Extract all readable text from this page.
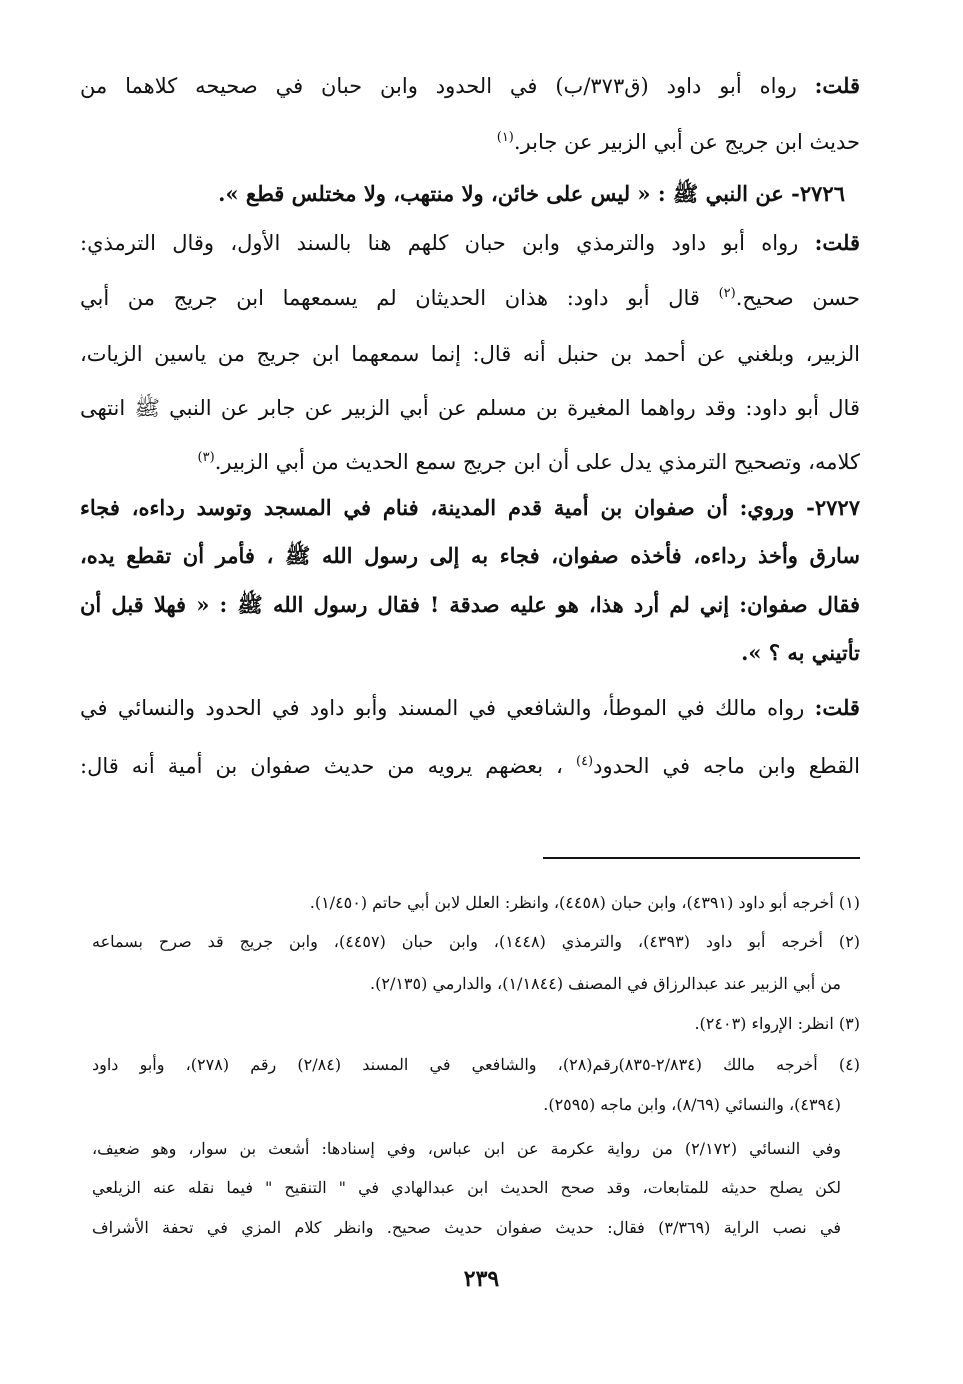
قلت: رواه أبو داود (ق٣٧٣/ب) في الحدود وابن حبان في صحيحه كلاهما من
حديث ابن جريج عن أبي الزبير عن جابر.$^{(١)}$
٢٧٢٦- عن النبي ﷺ : « ليس على خائن، ولا منتهب، ولا مختلس قطع ».
قلت: رواه أبو داود والترمذي وابن حبان كلهم هنا بالسند الأول، وقال الترمذي:
حسن صحيح.$^{(٢)}$ قال أبو داود: هذان الحديثان لم يسمعهما ابن جريج من أبي
الزبير، وبلغني عن أحمد بن حنبل أنه قال: إنما سمعهما ابن جريج من ياسين الزيات،
قال أبو داود: وقد رواهما المغيرة بن مسلم عن أبي الزبير عن جابر عن النبي ﷺ انتهى
كلامه، وتصحيح الترمذي يدل على أن ابن جريج سمع الحديث من أبي الزبير.$^{(٣)}$
٢٧٢٧- وروي: أن صفوان بن أمية قدم المدينة، فنام في المسجد وتوسد رداءه، فجاء
سارق وأخذ رداءه، فأخذه صفوان، فجاء به إلى رسول الله ﷺ ، فأمر أن تقطع يده،
فقال صفوان: إني لم أرد هذا، هو عليه صدقة ! فقال رسول الله ﷺ : « فهلا قبل أن
تأتيني به ؟ ».
قلت: رواه مالك في الموطأ، والشافعي في المسند وأبو داود في الحدود والنسائي في
القطع وابن ماجه في الحدود$^{(٤)}$ ، بعضهم يرويه من حديث صفوان بن أمية أنه قال:
(١) أخرجه أبو داود (٤٣٩١)، وابن حبان (٤٤٥٨)، وانظر: العلل لابن أبي حاتم (١/٤٥٠).
(٢) أخرجه أبو داود (٤٣٩٣)، والترمذي (١٤٤٨)، وابن حبان (٤٤٥٧)، وابن جريج قد صرح بسماعه
من أبي الزبير عند عبدالرزاق في المصنف (١/١٨٤٤)، والدارمي (٢/١٣٥).
(٣) انظر: الإرواء (٢٤٠٣).
(٤) أخرجه مالك (٢/٨٣٤-٨٣٥)رقم(٢٨)، والشافعي في المسند (٢/٨٤) رقم (٢٧٨)، وأبو داود
(٤٣٩٤)، والنسائي (٨/٦٩)، وابن ماجه (٢٥٩٥).
وفي النسائي (٢/١٧٢) من رواية عكرمة عن ابن عباس، وفي إسنادها: أشعث بن سوار، وهو ضعيف،
لكن يصلح حديثه للمتابعات، وقد صحح الحديث ابن عبدالهادي في " التنقيح " فيما نقله عنه الزيلعي
في نصب الراية (٣/٣٦٩) فقال: حديث صفوان حديث صحيح. وانظر كلام المزي في تحفة الأشراف
٢٣٩
